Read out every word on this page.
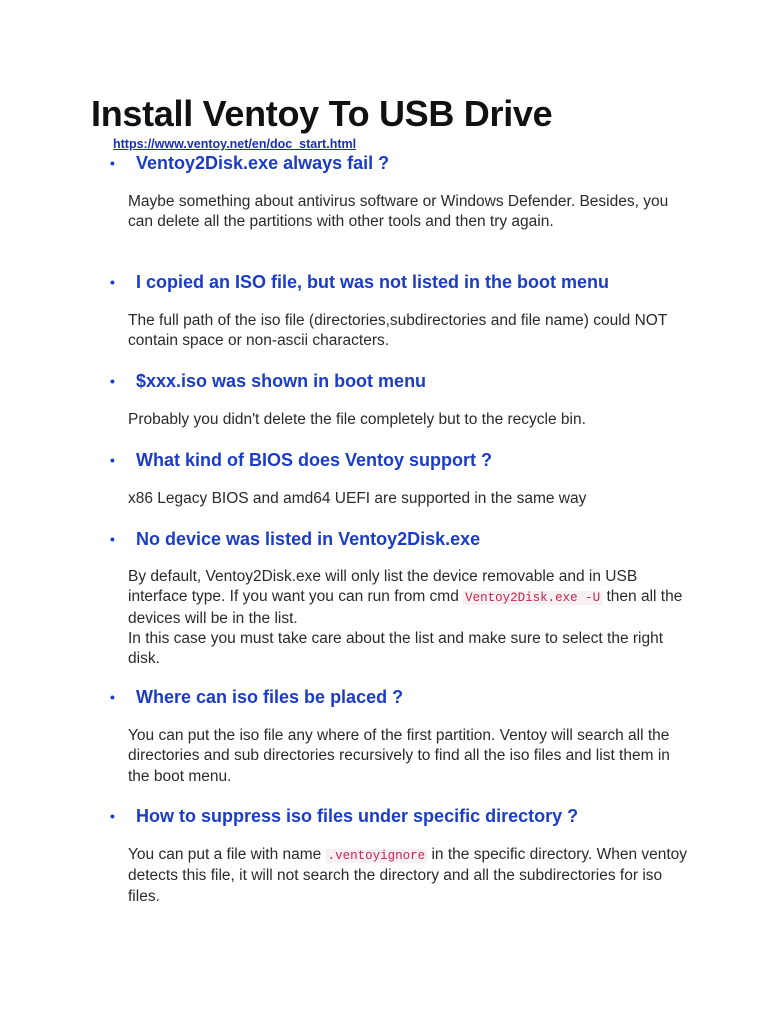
Install Ventoy To USB Drive
https://www.ventoy.net/en/doc_start.html
• Ventoy2Disk.exe always fail ?

Maybe something about antivirus software or Windows Defender. Besides, you can delete all the partitions with other tools and then try again.

• I copied an ISO file, but was not listed in the boot menu

The full path of the iso file (directories,subdirectories and file name) could NOT contain space or non-ascii characters.

• $xxx.iso was shown in boot menu

Probably you didn't delete the file completely but to the recycle bin.

• What kind of BIOS does Ventoy support ?

x86 Legacy BIOS and amd64 UEFI are supported in the same way

• No device was listed in Ventoy2Disk.exe

By default, Ventoy2Disk.exe will only list the device removable and in USB interface type. If you want you can run from cmd Ventoy2Disk.exe -U then all the devices will be in the list.
In this case you must take care about the list and make sure to select the right disk.

• Where can iso files be placed ?

You can put the iso file any where of the first partition. Ventoy will search all the directories and sub directories recursively to find all the iso files and list them in the boot menu.

• How to suppress iso files under specific directory ?

You can put a file with name .ventoyignore in the specific directory. When ventoy detects this file, it will not search the directory and all the subdirectories for iso files.
